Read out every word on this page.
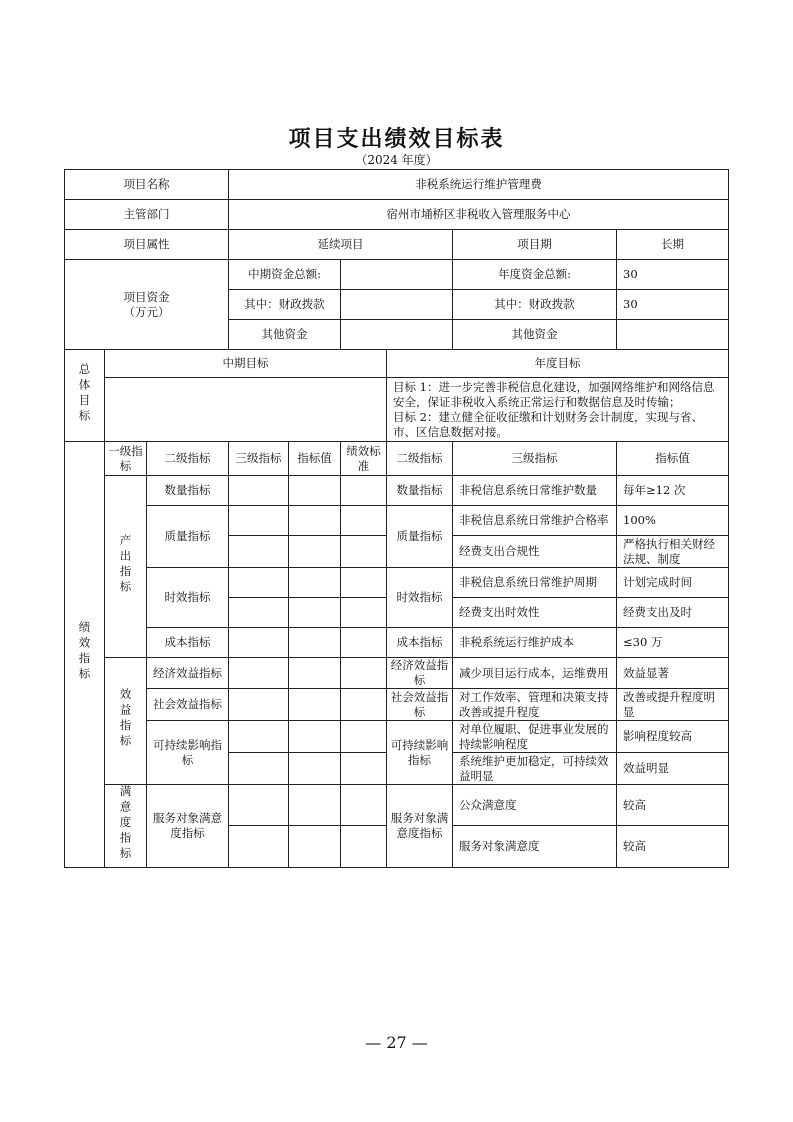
项目支出绩效目标表
（2024 年度）
项目名称			非税系统运行维护管理费					
主管部门			宿州市埇桥区非税收入管理服务中心					
项目属性			延续项目				项目期	长期

项目资金
（万元）			中期资金总额:				年度资金总额:	30
			其中：财政拨款				其中：财政拨款	30
			其他资金				其他资金	
总体目标	中期目标					年度目标		

						目标 1：进一步完善非税信息化建设，加强网络维护和网络信息安全，保证非税收入系统正常运行和数据信息及时传输；
目标 2：建立健全征收征缴和计划财务会计制度，实现与省、市、区信息数据对接。		

绩效指标	一级指标	二级指标	三级指标	指标值	绩效标准	二级指标	三级指标	指标值
	产出指标	数量指标				数量指标	非税信息系统日常维护数量	每年≥12 次
		质量指标				质量指标	非税信息系统日常维护合格率	100%
							经费支出合规性	严格执行相关财经法规、制度
		时效指标				时效指标	非税信息系统日常维护周期	计划完成时间
							经费支出时效性	经费支出及时
		成本指标				成本指标	非税系统运行维护成本	≤30 万
	效益指标	经济效益指标				经济效益指标	减少项目运行成本，运维费用	效益显著
		社会效益指标				社会效益指标	对工作效率、管理和决策支持改善或提升程度	改善或提升程度明显
		可持续影响指标				可持续影响指标	对单位履职、促进事业发展的持续影响程度	影响程度较高
							系统维护更加稳定，可持续效益明显	效益明显
	满意度指标	服务对象满意度指标				服务对象满意度指标	公众满意度	较高
							服务对象满意度	较高
— 27 —
